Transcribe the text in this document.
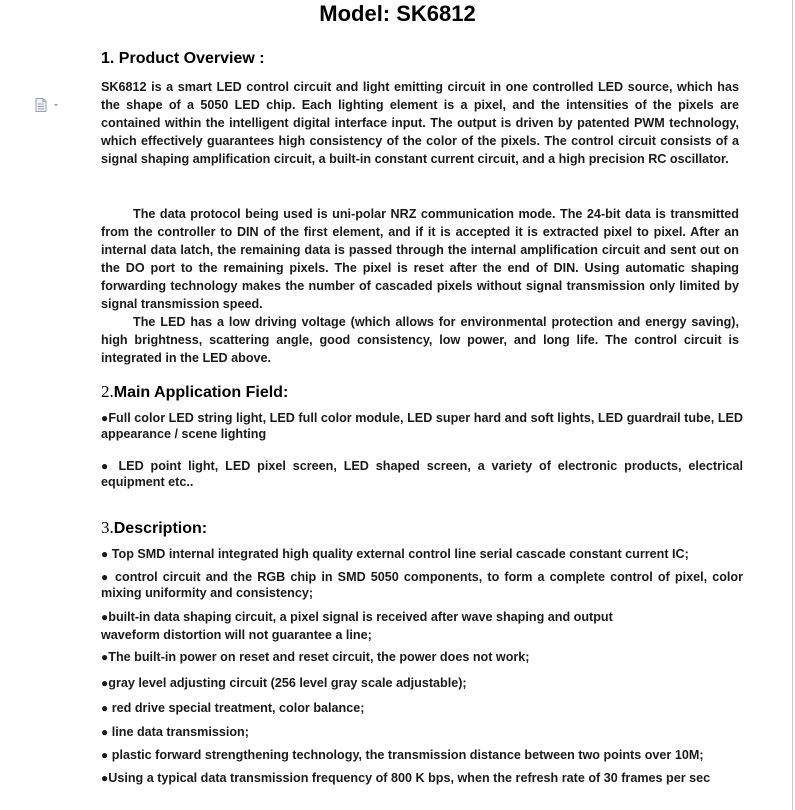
Model: SK6812
1. Product Overview :
SK6812 is a smart LED control circuit and light emitting circuit in one controlled LED source, which has the shape of a 5050 LED chip. Each lighting element is a pixel, and the intensities of the pixels are contained within the intelligent digital interface input. The output is driven by patented PWM technology, which effectively guarantees high consistency of the color of the pixels. The control circuit consists of a signal shaping amplification circuit, a built-in constant current circuit, and a high precision RC oscillator.
The data protocol being used is uni-polar NRZ communication mode. The 24-bit data is transmitted from the controller to DIN of the first element, and if it is accepted it is extracted pixel to pixel. After an internal data latch, the remaining data is passed through the internal amplification circuit and sent out on the DO port to the remaining pixels. The pixel is reset after the end of DIN. Using automatic shaping forwarding technology makes the number of cascaded pixels without signal transmission only limited by signal transmission speed.
The LED has a low driving voltage (which allows for environmental protection and energy saving), high brightness, scattering angle, good consistency, low power, and long life. The control circuit is integrated in the LED above.
2.Main Application Field:
●Full color LED string light, LED full color module, LED super hard and soft lights, LED guardrail tube, LED appearance / scene lighting
● LED point light, LED pixel screen, LED shaped screen, a variety of electronic products, electrical equipment etc..
3.Description:
● Top SMD internal integrated high quality external control line serial cascade constant current IC;
● control circuit and the RGB chip in SMD 5050 components, to form a complete control of pixel, color mixing uniformity and consistency;
●built-in data shaping circuit, a pixel signal is received after wave shaping and output
waveform distortion will not guarantee a line;
●The built-in power on reset and reset circuit, the power does not work;
●gray level adjusting circuit (256 level gray scale adjustable);
● red drive special treatment, color balance;
● line data transmission;
● plastic forward strengthening technology, the transmission distance between two points over 10M;
●Using a typical data transmission frequency of 800 K bps, when the refresh rate of 30 frames per sec
